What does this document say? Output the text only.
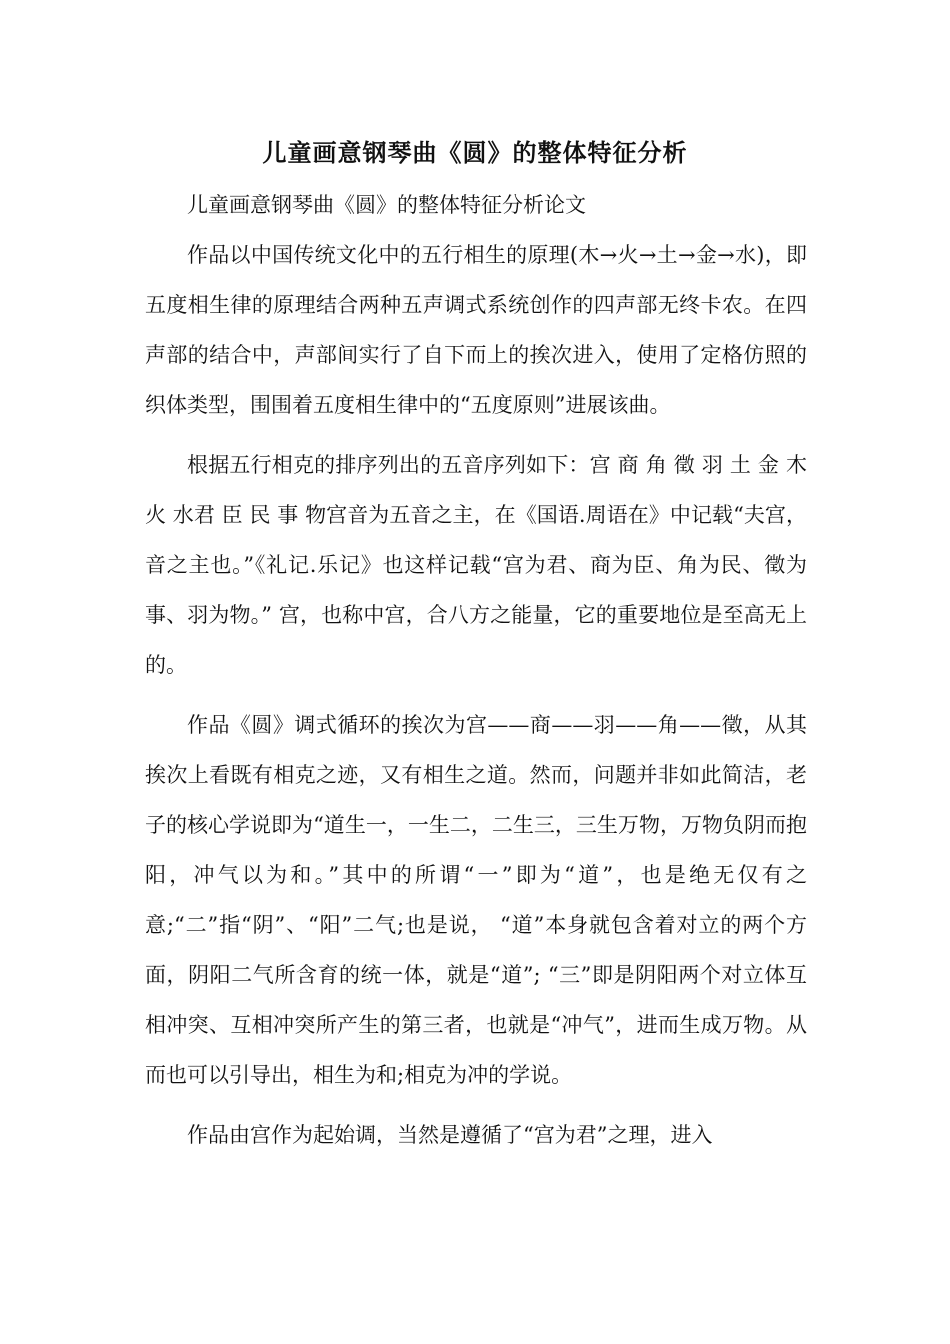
儿童画意钢琴曲《圆》的整体特征分析

儿童画意钢琴曲《圆》的整体特征分析论文

作品以中国传统文化中的五行相生的原理(木→火→土→金→水)，即五度相生律的原理结合两种五声调式系统创作的四声部无终卡农。在四声部的结合中，声部间实行了自下而上的挨次进入，使用了定格仿照的织体类型，围围着五度相生律中的“五度原则”进展该曲。

根据五行相克的排序列出的五音序列如下：宫 商 角 徵 羽 土 金 木 火 水君 臣 民 事 物宫音为五音之主，在《国语.周语在》中记载“夫宫，音之主也。”《礼记.乐记》也这样记载“宫为君、商为臣、角为民、徵为事、羽为物。” 宫，也称中宫，合八方之能量，它的重要地位是至高无上的。

作品《圆》调式循环的挨次为宫——商——羽——角——徵，从其挨次上看既有相克之迹，又有相生之道。然而，问题并非如此简洁，老子的核心学说即为“道生一，一生二，二生三，三生万物，万物负阴而抱阳，冲气以为和。”其中的所谓“一”即为“道”，也是绝无仅有之意;“二”指“阴”、“阳”二气;也是说， “道”本身就包含着对立的两个方面，阴阳二气所含育的统一体，就是“道”; “三”即是阴阳两个对立体互相冲突、互相冲突所产生的第三者，也就是“冲气”，进而生成万物。从而也可以引导出，相生为和;相克为冲的学说。

作品由宫作为起始调，当然是遵循了“宫为君”之理，进入
